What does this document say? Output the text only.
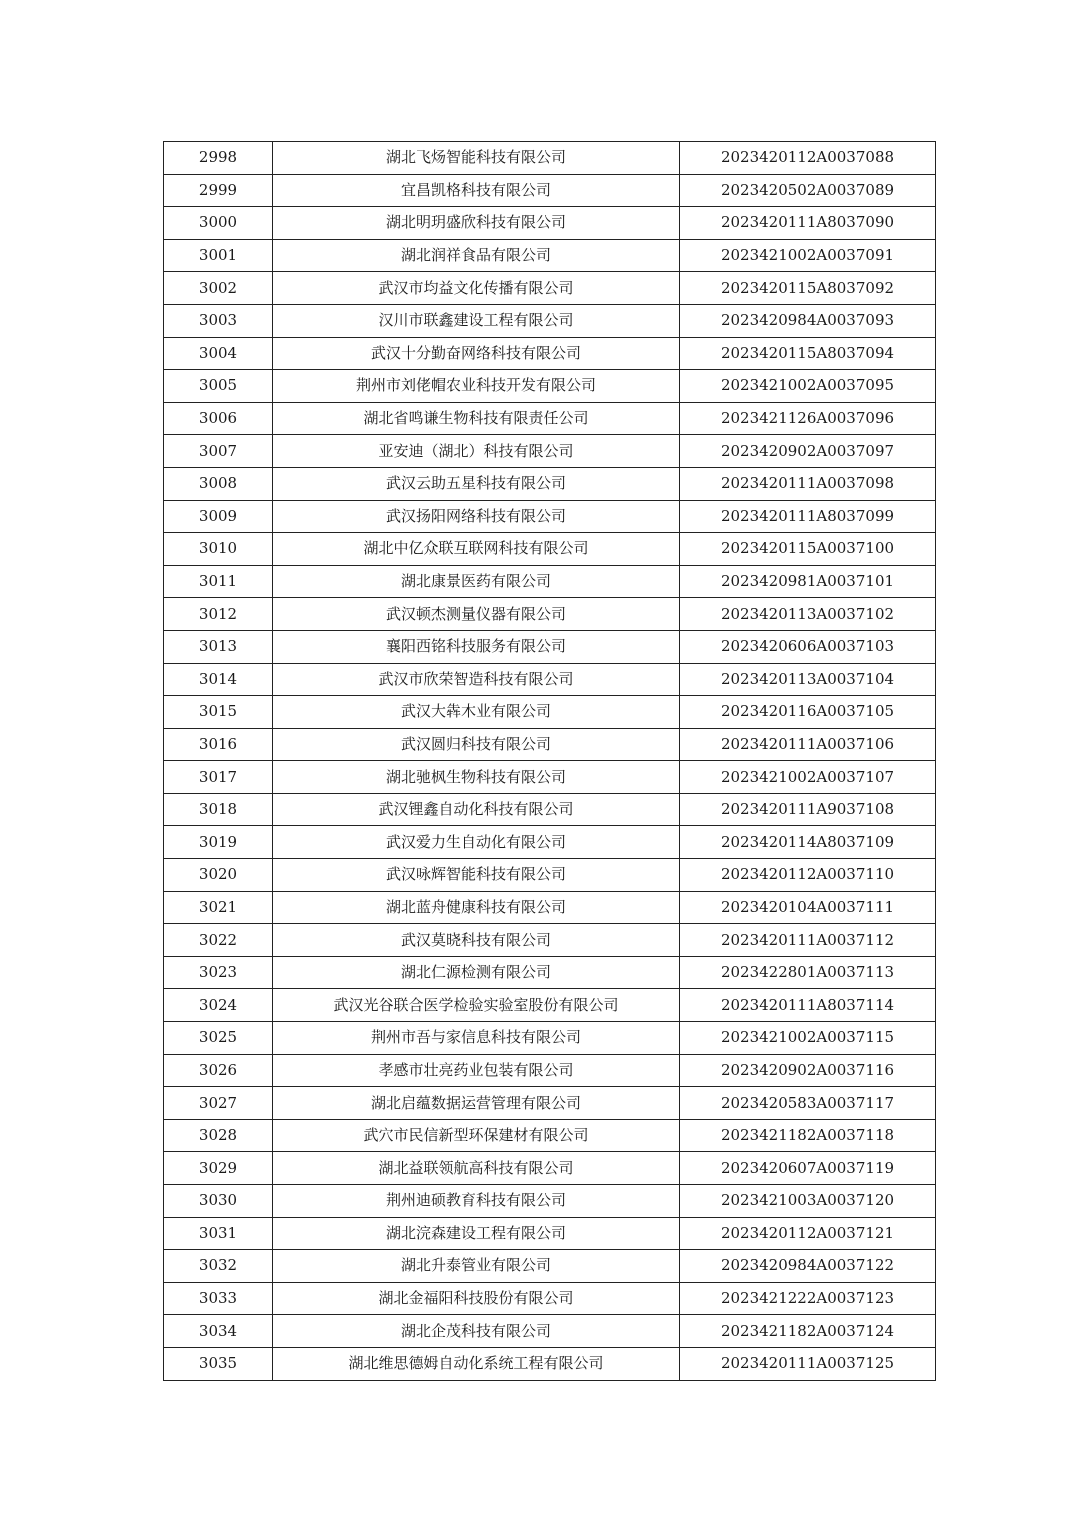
2998	湖北飞炀智能科技有限公司	2023420112A0037088
2999	宜昌凯格科技有限公司	2023420502A0037089
3000	湖北明玥盛欣科技有限公司	2023420111A8037090
3001	湖北润祥食品有限公司	2023421002A0037091
3002	武汉市均益文化传播有限公司	2023420115A8037092
3003	汉川市联鑫建设工程有限公司	2023420984A0037093
3004	武汉十分勤奋网络科技有限公司	2023420115A8037094
3005	荆州市刘佬帽农业科技开发有限公司	2023421002A0037095
3006	湖北省鸣谦生物科技有限责任公司	2023421126A0037096
3007	亚安迪（湖北）科技有限公司	2023420902A0037097
3008	武汉云助五星科技有限公司	2023420111A0037098
3009	武汉扬阳网络科技有限公司	2023420111A8037099
3010	湖北中亿众联互联网科技有限公司	2023420115A0037100
3011	湖北康景医药有限公司	2023420981A0037101
3012	武汉顿杰测量仪器有限公司	2023420113A0037102
3013	襄阳西铭科技服务有限公司	2023420606A0037103
3014	武汉市欣荣智造科技有限公司	2023420113A0037104
3015	武汉大犇木业有限公司	2023420116A0037105
3016	武汉圆归科技有限公司	2023420111A0037106
3017	湖北驰枫生物科技有限公司	2023421002A0037107
3018	武汉锂鑫自动化科技有限公司	2023420111A9037108
3019	武汉爱力生自动化有限公司	2023420114A8037109
3020	武汉咏辉智能科技有限公司	2023420112A0037110
3021	湖北蓝舟健康科技有限公司	2023420104A0037111
3022	武汉莫晓科技有限公司	2023420111A0037112
3023	湖北仁源检测有限公司	2023422801A0037113
3024	武汉光谷联合医学检验实验室股份有限公司	2023420111A8037114
3025	荆州市吾与家信息科技有限公司	2023421002A0037115
3026	孝感市壮亮药业包装有限公司	2023420902A0037116
3027	湖北启蕴数据运营管理有限公司	2023420583A0037117
3028	武穴市民信新型环保建材有限公司	2023421182A0037118
3029	湖北益联领航高科技有限公司	2023420607A0037119
3030	荆州迪硕教育科技有限公司	2023421003A0037120
3031	湖北浣森建设工程有限公司	2023420112A0037121
3032	湖北升泰管业有限公司	2023420984A0037122
3033	湖北金福阳科技股份有限公司	2023421222A0037123
3034	湖北企茂科技有限公司	2023421182A0037124
3035	湖北维思德姆自动化系统工程有限公司	2023420111A0037125
